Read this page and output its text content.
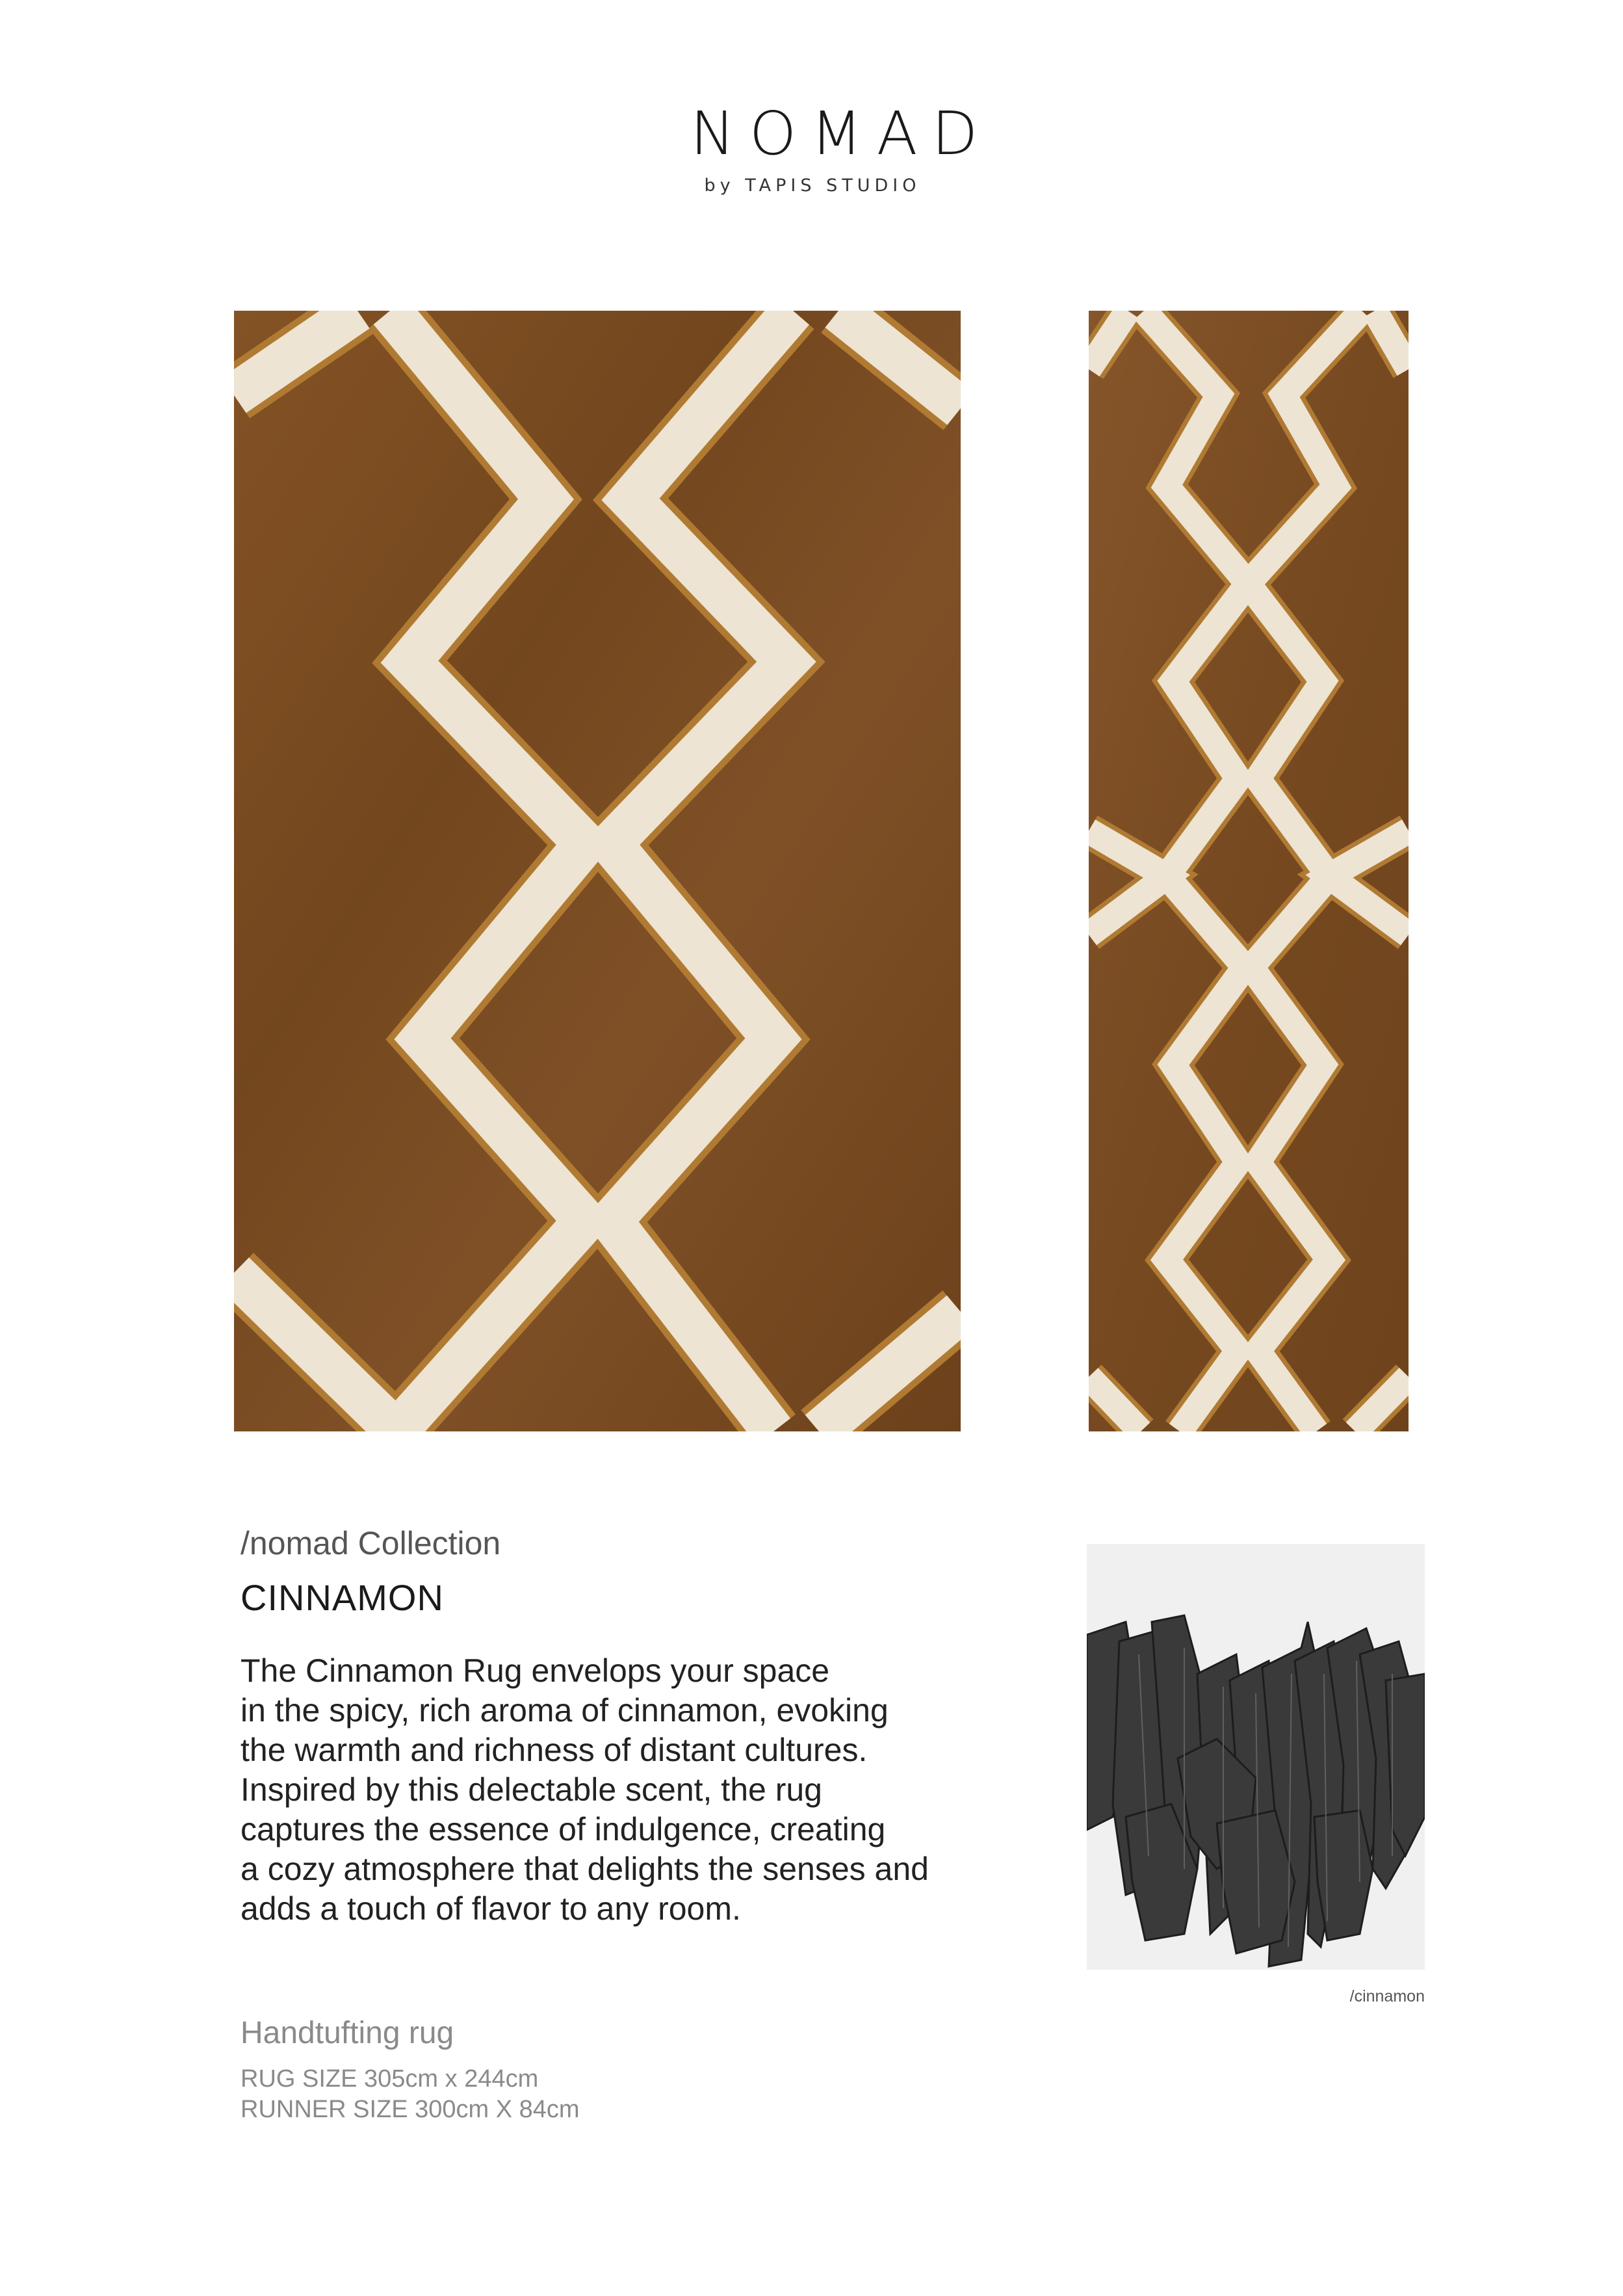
NOMAD
by TAPIS STUDIO
/nomad Collection
CINNAMON
The Cinnamon Rug envelops your space
in the spicy, rich aroma of cinnamon, evoking
the warmth and richness of distant cultures.
Inspired by this delectable scent, the rug
captures the essence of indulgence, creating
a cozy atmosphere that delights the senses and
adds a touch of flavor to any room.
Handtufting rug
RUG SIZE 305cm x 244cm
RUNNER SIZE 300cm X 84cm
/cinnamon
